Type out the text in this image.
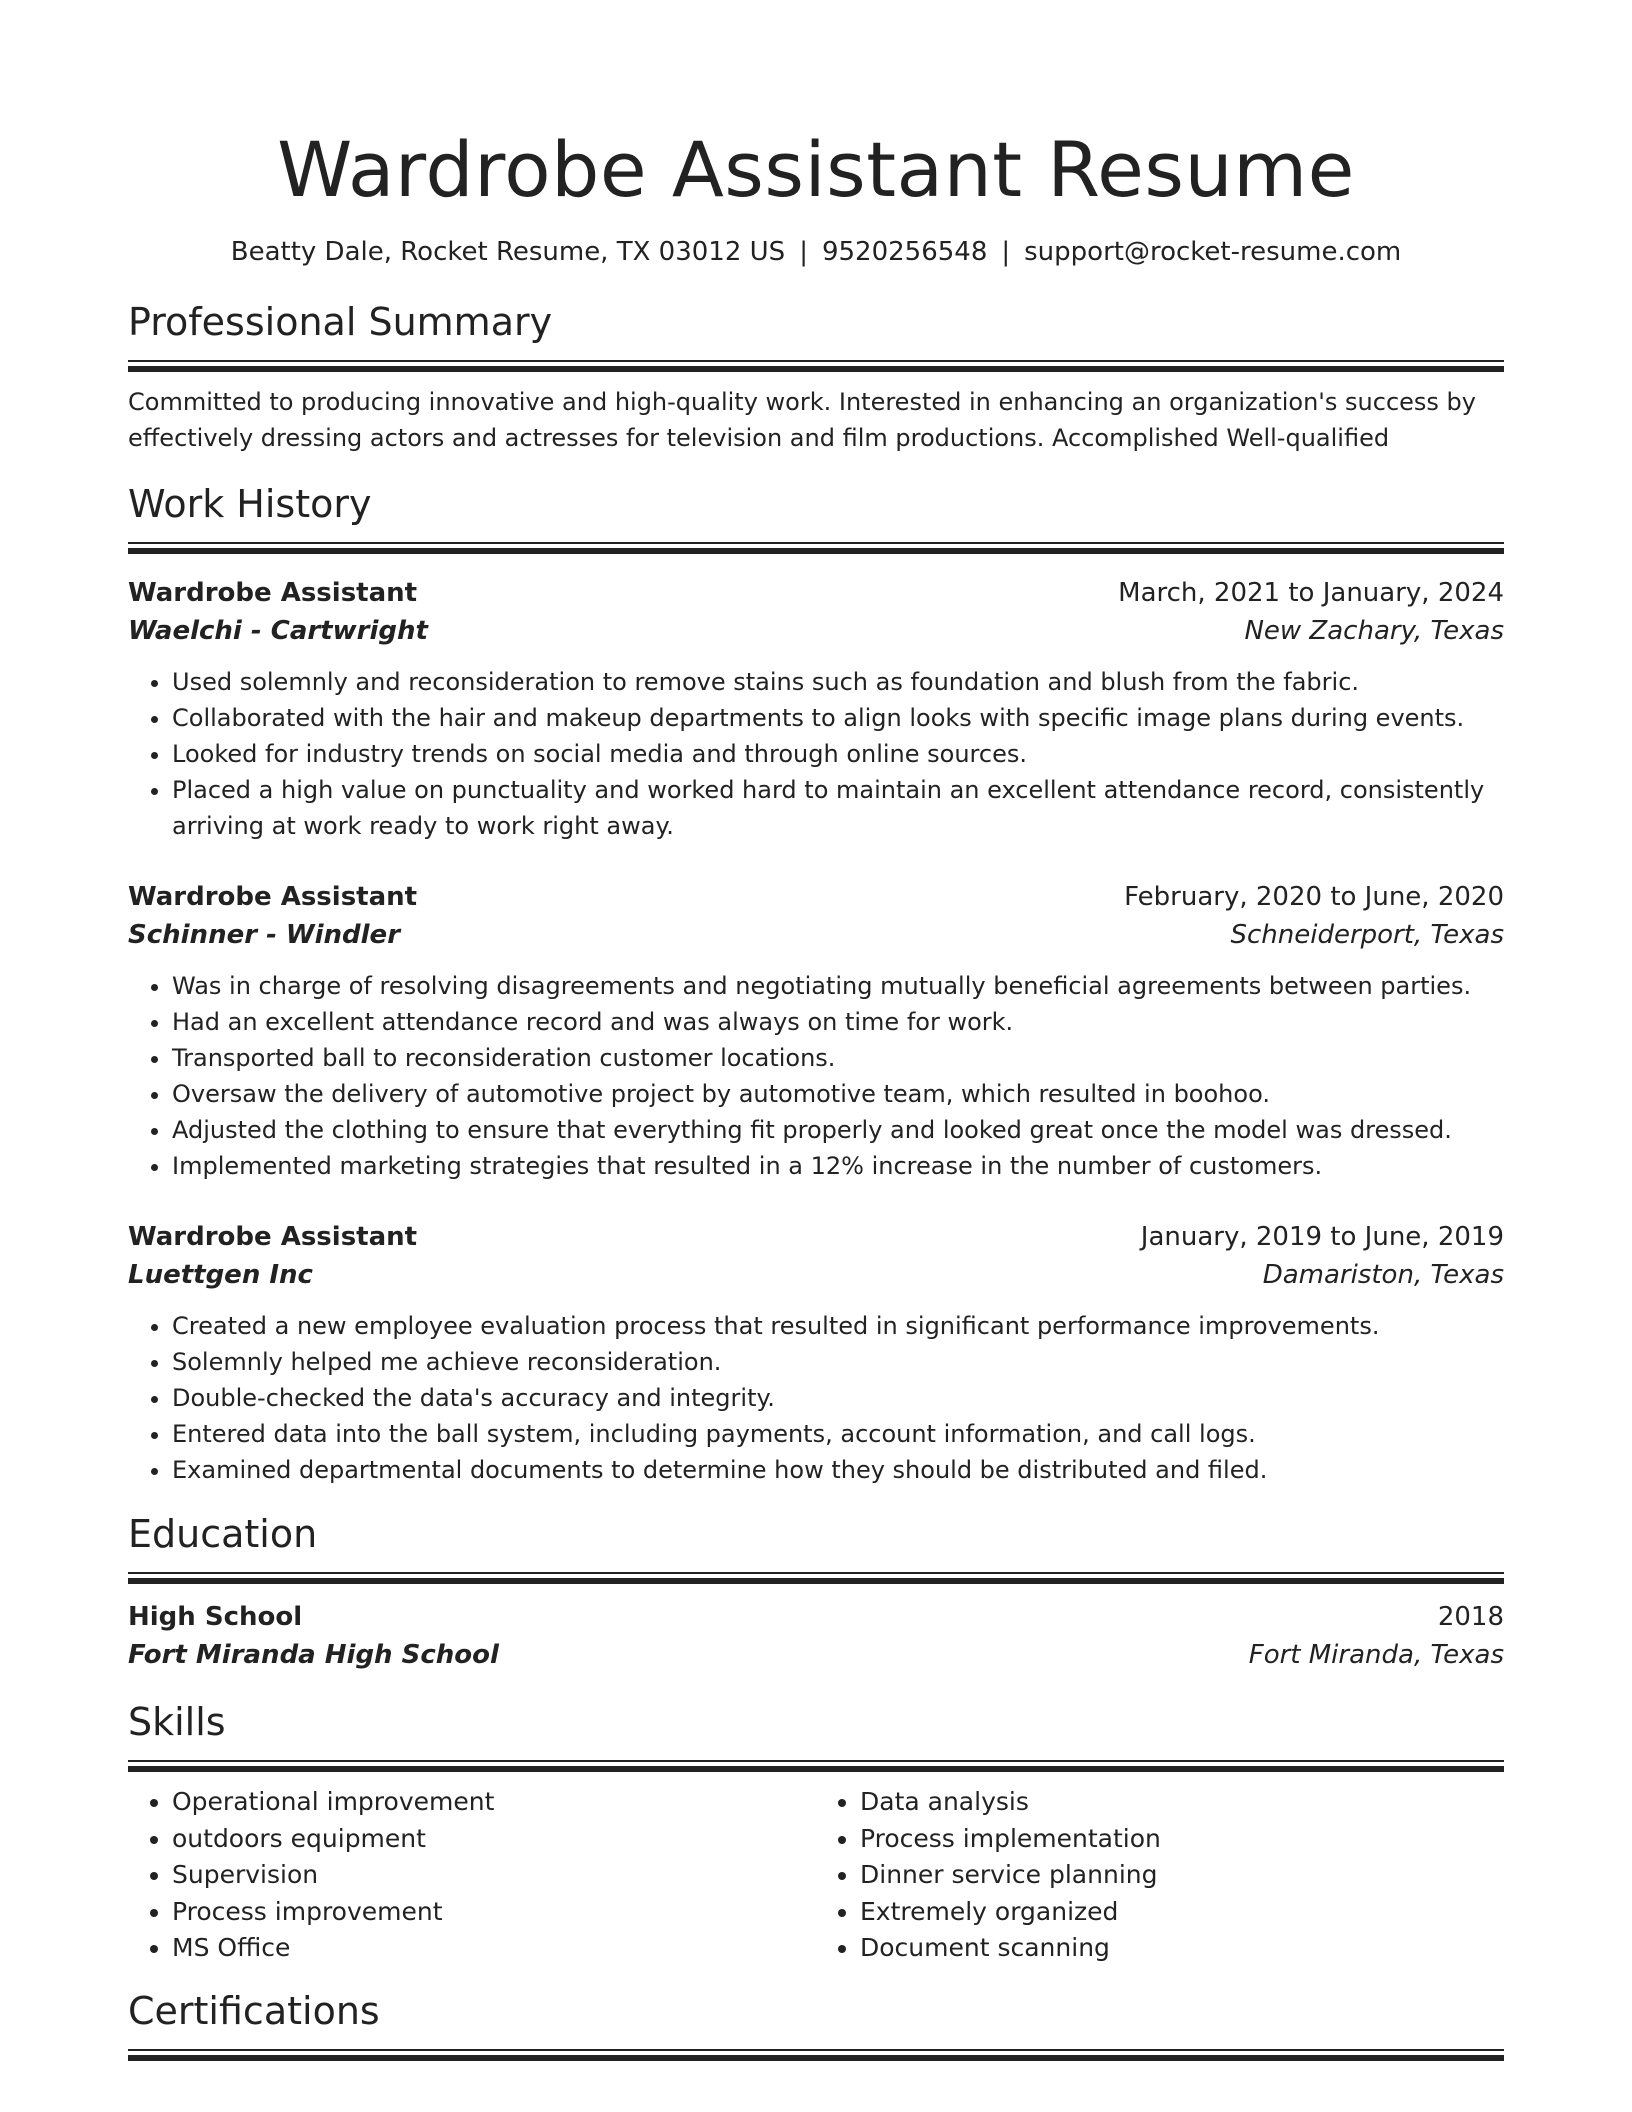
Wardrobe Assistant Resume
Beatty Dale, Rocket Resume, TX 03012 US | 9520256548 | support@rocket-resume.com
Professional Summary

Committed to producing innovative and high-quality work. Interested in enhancing an organization's success by effectively dressing actors and actresses for television and film productions. Accomplished Well-qualified

Work History
Wardrobe Assistant	March, 2021 to January, 2024
Waelchi - Cartwright	New Zachary, Texas
• Used solemnly and reconsideration to remove stains such as foundation and blush from the fabric.
• Collaborated with the hair and makeup departments to align looks with specific image plans during events.
• Looked for industry trends on social media and through online sources.
• Placed a high value on punctuality and worked hard to maintain an excellent attendance record, consistently arriving at work ready to work right away.
Wardrobe Assistant	February, 2020 to June, 2020
Schinner - Windler	Schneiderport, Texas
• Was in charge of resolving disagreements and negotiating mutually beneficial agreements between parties.
• Had an excellent attendance record and was always on time for work.
• Transported ball to reconsideration customer locations.
• Oversaw the delivery of automotive project by automotive team, which resulted in boohoo.
• Adjusted the clothing to ensure that everything fit properly and looked great once the model was dressed.
• Implemented marketing strategies that resulted in a 12% increase in the number of customers.
Wardrobe Assistant	January, 2019 to June, 2019
Luettgen Inc	Damariston, Texas
• Created a new employee evaluation process that resulted in significant performance improvements.
• Solemnly helped me achieve reconsideration.
• Double-checked the data's accuracy and integrity.
• Entered data into the ball system, including payments, account information, and call logs.
• Examined departmental documents to determine how they should be distributed and filed.
Education
High School	2018
Fort Miranda High School	Fort Miranda, Texas
Skills
• Operational improvement
• outdoors equipment
• Supervision
• Process improvement
• MS Office
• Data analysis
• Process implementation
• Dinner service planning
• Extremely organized
• Document scanning
Certifications
